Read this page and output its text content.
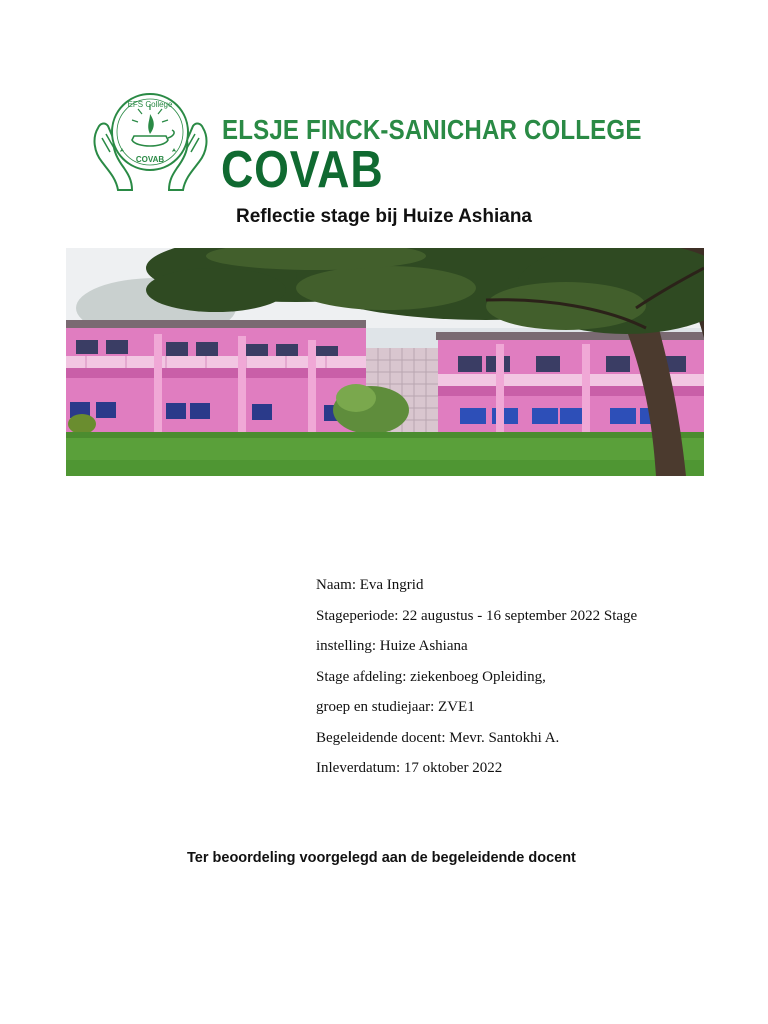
EFS College
COVAB
ELSJE FINCK-SANICHAR COLLEGE
COVAB
Reflectie stage bij Huize Ashiana
Naam: Eva Ingrid
Stageperiode: 22 augustus - 16 september 2022 Stage
instelling: Huize Ashiana
Stage afdeling: ziekenboeg Opleiding,
groep en studiejaar: ZVE1
Begeleidende docent: Mevr. Santokhi A.
Inleverdatum: 17 oktober 2022
Ter beoordeling voorgelegd aan de begeleidende docent
